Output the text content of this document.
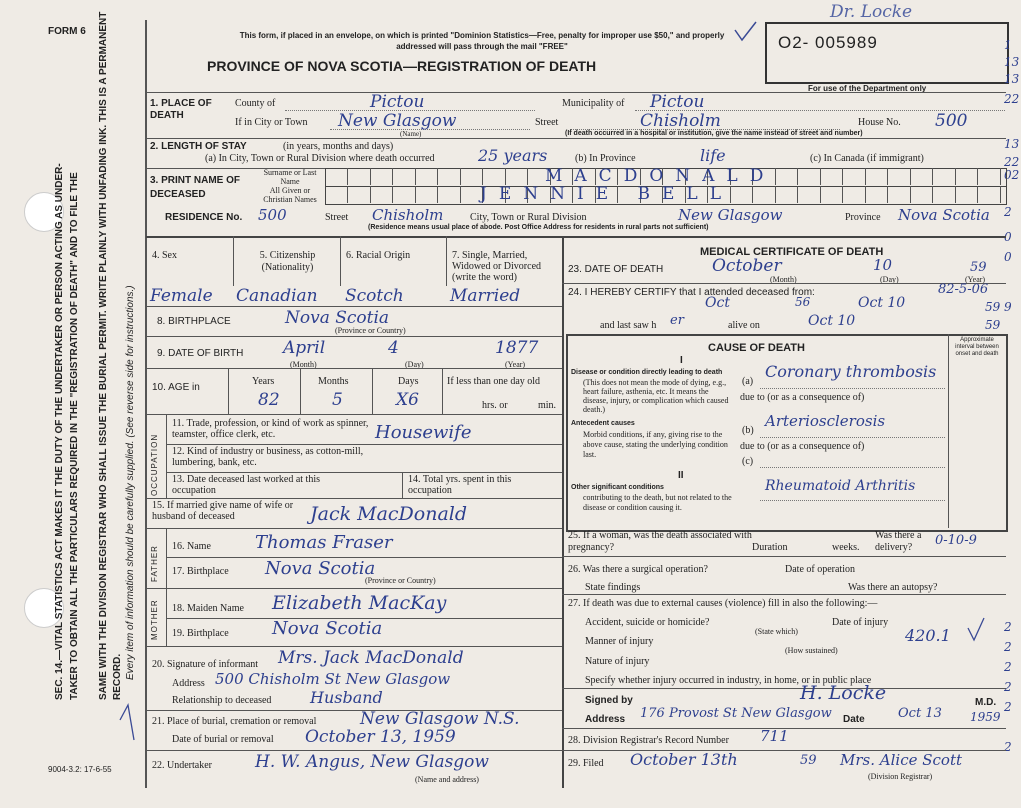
FORM 6
9004-3.2: 17-6-55
SEC. 14.—VITAL STATISTICS ACT MAKES IT THE DUTY OF THE UNDERTAKER OR PERSON ACTING AS UNDER- TAKER TO OBTAIN ALL THE PARTICULARS REQUIRED IN THE "REGISTRATION OF DEATH" AND TO FILE THE SAME WITH THE DIVISION REGISTRAR WHO SHALL ISSUE THE BURIAL PERMIT. WRITE PLAINLY WITH UNFADING INK. THIS IS A PERMANENT RECORD. Every item of information should be carefully supplied. (See reverse side for instructions.)
This form, if placed in an envelope, on which is printed "Dominion Statistics—Free, penalty for improper use $50," and properly addressed will pass through the mail "FREE"
PROVINCE OF NOVA SCOTIA—REGISTRATION OF DEATH
O2- 005989
For use of the Department only
Dr. Locke
1
13
13
22
13
22
02
2
0
0
9
2
2
2
2
2
2
1. PLACE OF DEATH
County of	Pictou	Municipality of Pictou
If in City or Town New Glasgow
(Name)
Street	Chisholm	House No. 500
(If death occurred in a hospital or institution, give the name instead of street and number)
2. LENGTH OF STAY	(in years, months and days)
(a) In City, Town or Rural Division where death occurred	25 years	(b) In Province	life	(c) In Canada (if immigrant)
3. PRINT NAME OF DECEASED
Surname or Last Name
All Given or Christian Names
MACDONALD
JENNIE BELL
RESIDENCE No. 500	Street Chisholm	City, Town or Rural Division	New Glasgow	Province Nova Scotia
(Residence means usual place of abode. Post Office Address for residents in rural parts not sufficient)
4. Sex	5. Citizenship (Nationality)
6. Racial Origin	7. Single, Married, Widowed or Divorced (write the word)
Female Canadian Scotch	Married
8. BIRTHPLACE	Nova Scotia
(Province or Country)
9. DATE OF BIRTH April	4	1877
(Month)	(Day)	(Year)
10. AGE in
Years	Months	Days	If less than one day old
82	5	X6	hrs. or	min.
OCCUPATION
11. Trade, profession, or kind of work as spinner, teamster, office clerk, etc.	Housewife
12. Kind of industry or business, as cotton-mill, lumbering, bank, etc.
13. Date deceased last worked at this occupation
14. Total yrs. spent in this occupation
15. If married give name of wife or husband of deceased	Jack MacDonald
FATHER
MOTHER
16. Name Thomas Fraser
17. Birthplace Nova Scotia
(Province or Country)
18. Maiden Name Elizabeth MacKay
19. Birthplace Nova Scotia
20. Signature of informant Mrs. Jack MacDonald
Address 500 Chisholm St New Glasgow
Relationship to deceased Husband
21. Place of burial, cremation or removal	New Glasgow N.S.
Date of burial or removal October 13, 1959
22. Undertaker	H. W. Angus, New Glasgow
(Name and address)
MEDICAL CERTIFICATE OF DEATH
23. DATE OF DEATH	October	10	59
(Month)	(Day)	(Year)
24. I HEREBY CERTIFY that I attended deceased from:
Oct	56	Oct 10	59
82-5-06
and last saw h er	alive on	Oct 10	59
CAUSE OF DEATH
Approximate interval between onset and death
I
Disease or condition directly leading to death
(This does not mean the mode of dying, e.g., heart failure, asthenia, etc. It means the disease, injury, or complication which caused death.)
(a)
Coronary thrombosis
due to (or as a consequence of)
Antecedent causes
Morbid conditions, if any, giving rise to the above cause, stating the underlying condition last.
(b)
Arteriosclerosis
due to (or as a consequence of)
(c)
II
Other significant conditions
contributing to the death, but not related to the disease or condition causing it.
Rheumatoid Arthritis
25. If a woman, was the death associated with pregnancy?	Duration	weeks.
Was there a delivery?	0-10-9
26. Was there a surgical operation?	Date of operation
State findings	Was there an autopsy?
27. If death was due to external causes (violence) fill in also the following:—
Accident, suicide or homicide?
(State which)
Date of injury
Manner of injury	420.1
(How sustained)
Nature of injury
Specify whether injury occurred in industry, in home, or in public place
Signed by	H. Locke	M.D.
Address 176 Provost St New Glasgow Date	Oct 13 1959
28. Division Registrar's Record Number 711
29. Filed October 13th	59 Mrs. Alice Scott
(Division Registrar)
